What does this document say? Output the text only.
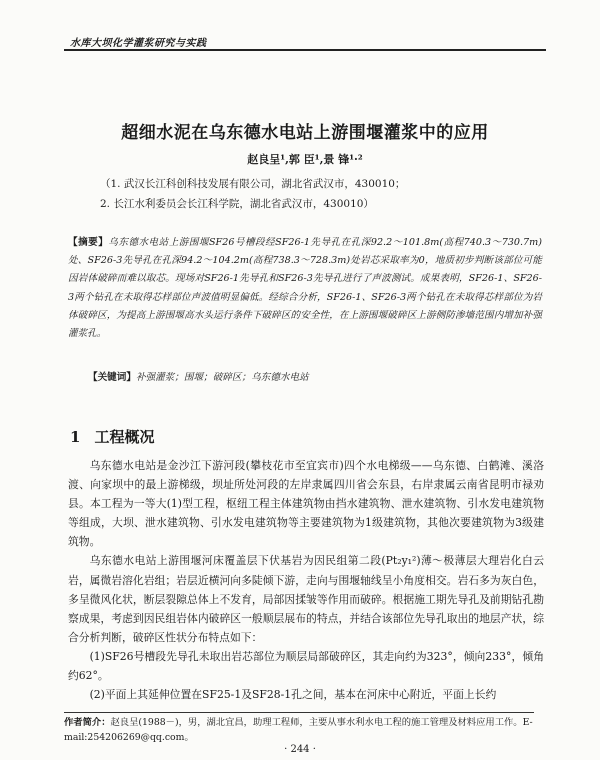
水库大坝化学灌浆研究与实践
超细水泥在乌东德水电站上游围堰灌浆中的应用
赵良呈¹,郭 臣¹,景 锋¹·²
（1. 武汉长江科创科技发展有限公司，湖北省武汉市，430010；
2. 长江水利委员会长江科学院，湖北省武汉市，430010）
【摘要】乌东德水电站上游围堰SF26号槽段经SF26-1先导孔在孔深92.2～101.8m(高程740.3～730.7m)处、SF26-3先导孔在孔深94.2～104.2m(高程738.3～728.3m)处岩芯采取率为0，地质初步判断该部位可能因岩体破碎而难以取芯。现场对SF26-1先导孔和SF26-3先导孔进行了声波测试。成果表明，SF26-1、SF26-3两个钻孔在未取得芯样部位声波值明显偏低。经综合分析，SF26-1、SF26-3两个钻孔在未取得芯样部位为岩体破碎区，为提高上游围堰高水头运行条件下破碎区的安全性，在上游围堰破碎区上游侧防渗墙范围内增加补强灌浆孔。
【关键词】补强灌浆；围堰；破碎区；乌东德水电站
1 工程概况

乌东德水电站是金沙江下游河段(攀枝花市至宜宾市)四个水电梯级——乌东德、白鹤滩、溪洛渡、向家坝中的最上游梯级，坝址所处河段的左岸隶属四川省会东县，右岸隶属云南省昆明市禄劝县。本工程为一等大(1)型工程，枢纽工程主体建筑物由挡水建筑物、泄水建筑物、引水发电建筑物等组成，大坝、泄水建筑物、引水发电建筑物等主要建筑物为1级建筑物，其他次要建筑物为3级建筑物。

乌东德水电站上游围堰河床覆盖层下伏基岩为因民组第二段(Pt₂y₁²)薄～极薄层大理岩化白云岩，属微岩溶化岩组；岩层近横河向多陡倾下游，走向与围堰轴线呈小角度相交。岩石多为灰白色，多呈微风化状，断层裂隙总体上不发育，局部因揉皱等作用而破碎。根据施工期先导孔及前期钻孔勘察成果，考虑到因民组岩体内破碎区一般顺层展布的特点，并结合该部位先导孔取出的地层产状，综合分析判断，破碎区性状分布特点如下：

(1)SF26号槽段先导孔未取出岩芯部位为顺层局部破碎区，其走向约为323°，倾向233°，倾角约62°。

(2)平面上其延伸位置在SF25-1及SF28-1孔之间，基本在河床中心附近，平面上长约

作者简介：赵良呈(1988－)，男，湖北宜昌，助理工程师，主要从事水利水电工程的施工管理及材料应用工作。E-mail:254206269@qq.com。
· 244 ·
